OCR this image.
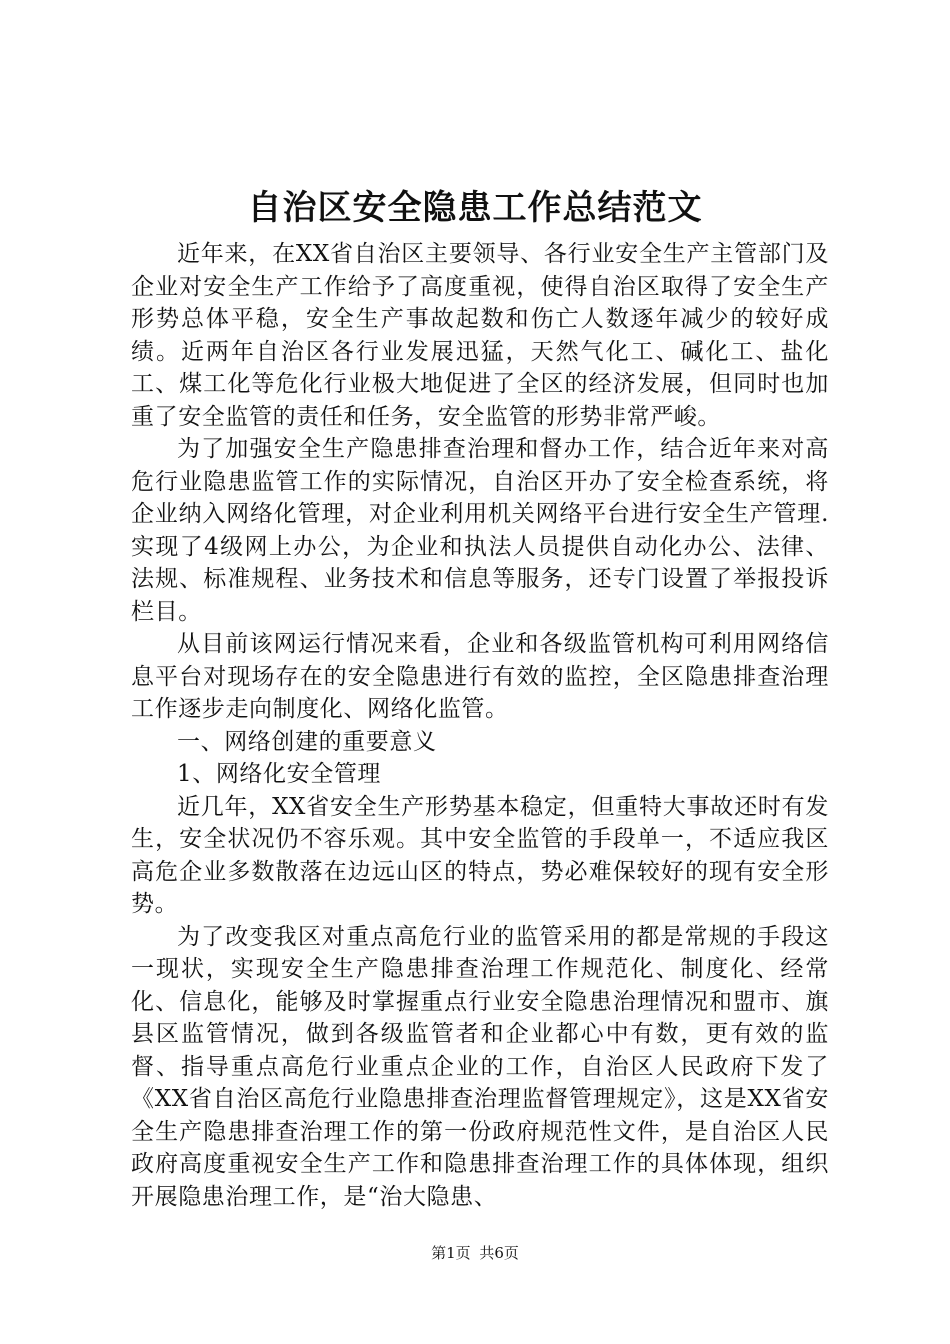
自治区安全隐患工作总结范文

近年来，在XX省自治区主要领导、各行业安全生产主管部门及企业对安全生产工作给予了高度重视，使得自治区取得了安全生产形势总体平稳，安全生产事故起数和伤亡人数逐年减少的较好成绩。近两年自治区各行业发展迅猛，天然气化工、碱化工、盐化工、煤工化等危化行业极大地促进了全区的经济发展，但同时也加重了安全监管的责任和任务，安全监管的形势非常严峻。

为了加强安全生产隐患排查治理和督办工作，结合近年来对高危行业隐患监管工作的实际情况，自治区开办了安全检查系统，将企业纳入网络化管理，对企业利用机关网络平台进行安全生产管理.实现了4级网上办公，为企业和执法人员提供自动化办公、法律、法规、标准规程、业务技术和信息等服务，还专门设置了举报投诉栏目。

从目前该网运行情况来看，企业和各级监管机构可利用网络信息平台对现场存在的安全隐患进行有效的监控，全区隐患排查治理工作逐步走向制度化、网络化监管。

一、网络创建的重要意义

1、网络化安全管理

近几年，XX省安全生产形势基本稳定，但重特大事故还时有发生，安全状况仍不容乐观。其中安全监管的手段单一，不适应我区高危企业多数散落在边远山区的特点，势必难保较好的现有安全形势。

为了改变我区对重点高危行业的监管采用的都是常规的手段这一现状，实现安全生产隐患排查治理工作规范化、制度化、经常化、信息化，能够及时掌握重点行业安全隐患治理情况和盟市、旗县区监管情况，做到各级监管者和企业都心中有数，更有效的监督、指导重点高危行业重点企业的工作，自治区人民政府下发了《XX省自治区高危行业隐患排查治理监督管理规定》，这是XX省安全生产隐患排查治理工作的第一份政府规范性文件，是自治区人民政府高度重视安全生产工作和隐患排查治理工作的具体体现，组织开展隐患治理工作，是“治大隐患、

第1页 共6页
